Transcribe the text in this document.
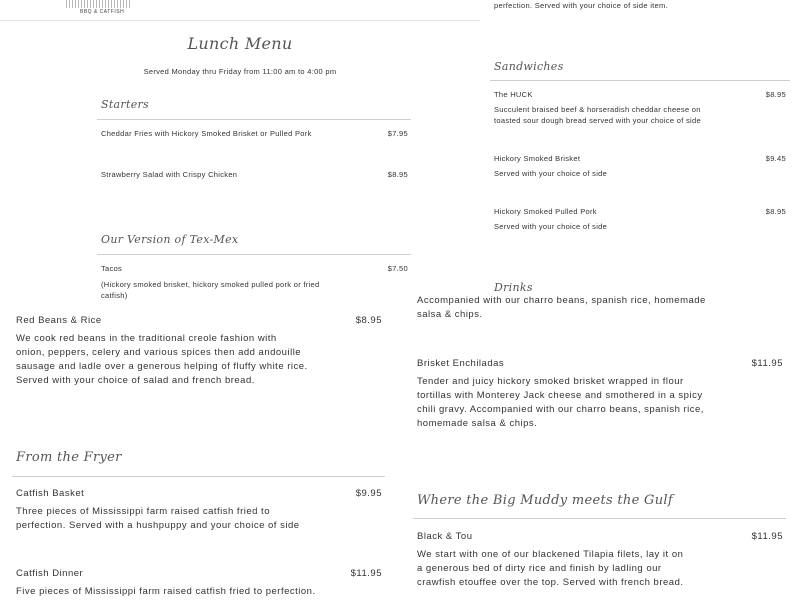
BBQ & CATFISH
Lunch Menu
Served Monday thru Friday from 11:00 am to 4:00 pm
Starters
Cheddar Fries with Hickory Smoked Brisket or Pulled Pork	$7.95
Strawberry Salad with Crispy Chicken	$8.95
Our Version of Tex-Mex
Tacos	$7.50
(Hickory smoked brisket, hickory smoked pulled pork or fried catfish)
perfection. Served with your choice of side item.
Sandwiches
The HUCK	$8.95
Succulent braised beef & horseradish cheddar cheese on toasted sour dough bread served with your choice of side
Hickory Smoked Brisket	$9.45
Served with your choice of side
Hickory Smoked Pulled Pork	$8.95
Served with your choice of side
Drinks
Accompanied with our charro beans, spanish rice, homemade salsa & chips.
Red Beans & Rice	$8.95
We cook red beans in the traditional creole fashion with onion, peppers, celery and various spices then add andouille sausage and ladle over a generous helping of fluffy white rice. Served with your choice of salad and french bread.
From the Fryer
Catfish Basket	$9.95
Three pieces of Mississippi farm raised catfish fried to perfection. Served with a hushpuppy and your choice of side
Catfish Dinner	$11.95
Five pieces of Mississippi farm raised catfish fried to perfection.
Brisket Enchiladas	$11.95
Tender and juicy hickory smoked brisket wrapped in flour tortillas with Monterey Jack cheese and smothered in a spicy chili gravy. Accompanied with our charro beans, spanish rice, homemade salsa & chips.
Where the Big Muddy meets the Gulf
Black & Tou	$11.95
We start with one of our blackened Tilapia filets, lay it on a generous bed of dirty rice and finish by ladling our crawfish etouffee over the top. Served with french bread.
